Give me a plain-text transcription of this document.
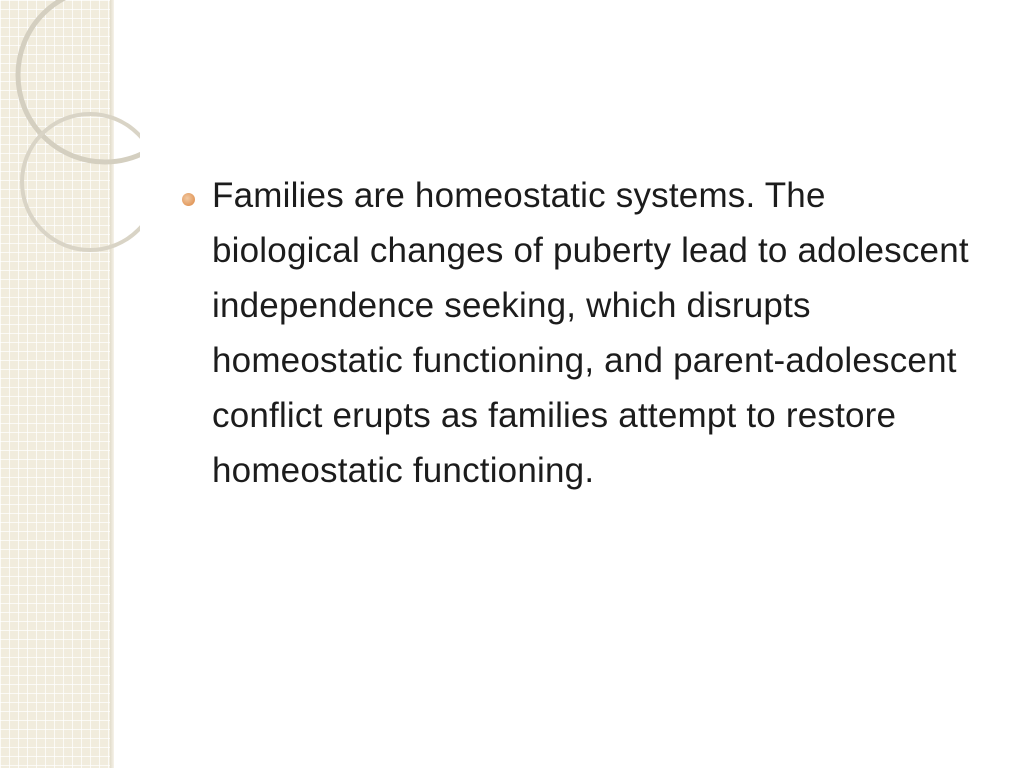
Families are homeostatic systems. The biological changes of puberty lead to adolescent independence seeking, which disrupts homeostatic functioning, and parent-adolescent conflict erupts as families attempt to restore homeostatic functioning.
